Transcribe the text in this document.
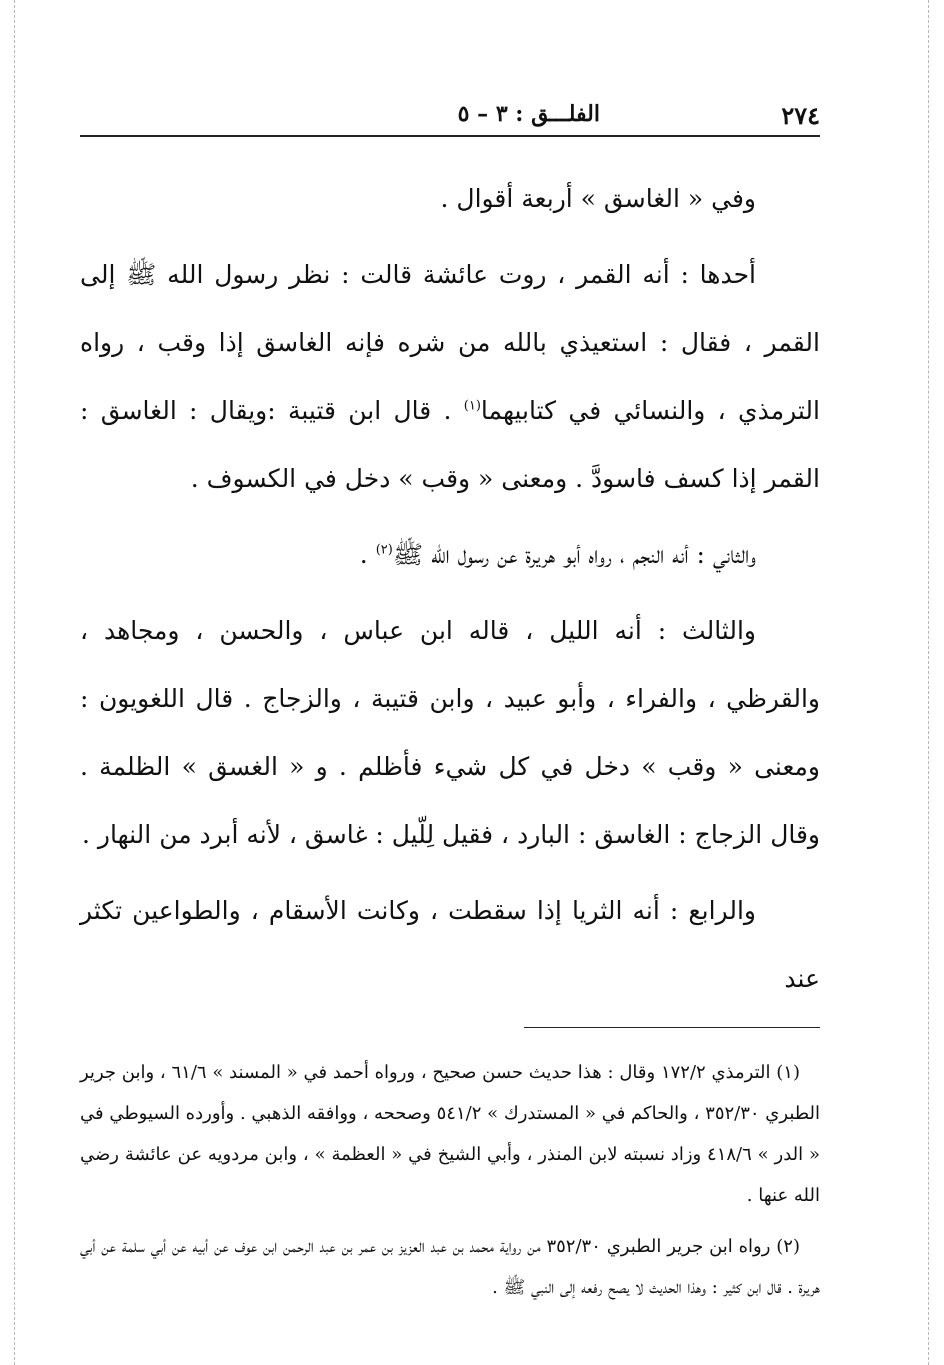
٢٧٤
الفلـــق : ٣ – ٥

وفي « الغاسق » أربعة أقوال .

أحدها : أنه القمر ، روت عائشة قالت : نظر رسول الله ﷺ إلى القمر ، فقال : استعيذي بالله من شره فإنه الغاسق إذا وقب ، رواه الترمذي ، والنسائي في كتابيهما$^{(١)}$ . قال ابن قتيبة :ويقال : الغاسق : القمر إذا كسف فاسودَّ . ومعنى « وقب » دخل في الكسوف .

والثاني : أنه النجم ، رواه أبو هريرة عن رسول الله ﷺ$^{(٢)}$ .

والثالث : أنه الليل ، قاله ابن عباس ، والحسن ، ومجاهد ، والقرظي ، والفراء ، وأبو عبيد ، وابن قتيبة ، والزجاج . قال اللغويون : ومعنى « وقب » دخل في كل شيء فأظلم . و « الغسق » الظلمة . وقال الزجاج : الغاسق : البارد ، فقيل لِلّيل : غاسق ، لأنه أبرد من النهار .

والرابع : أنه الثريا إذا سقطت ، وكانت الأسقام ، والطواعين تكثر عند

(١) الترمذي ١٧٢/٢ وقال : هذا حديث حسن صحيح ، ورواه أحمد في « المسند » ٦١/٦ ، وابن جرير الطبري ٣٥٢/٣٠ ، والحاكم في « المستدرك » ٥٤١/٢ وصححه ، ووافقه الذهبي . وأورده السيوطي في « الدر » ٤١٨/٦ وزاد نسبته لابن المنذر ، وأبي الشيخ في « العظمة » ، وابن مردويه عن عائشة رضي الله عنها .

(٢) رواه ابن جرير الطبري ٣٥٢/٣٠ من رواية محمد بن عبد العزيز بن عمر بن عبد الرحمن ابن عوف عن أبيه عن أبي سلمة عن أبي هريرة . قال ابن كثير : وهذا الحديث لا يصح رفعه إلى النبي ﷺ .
